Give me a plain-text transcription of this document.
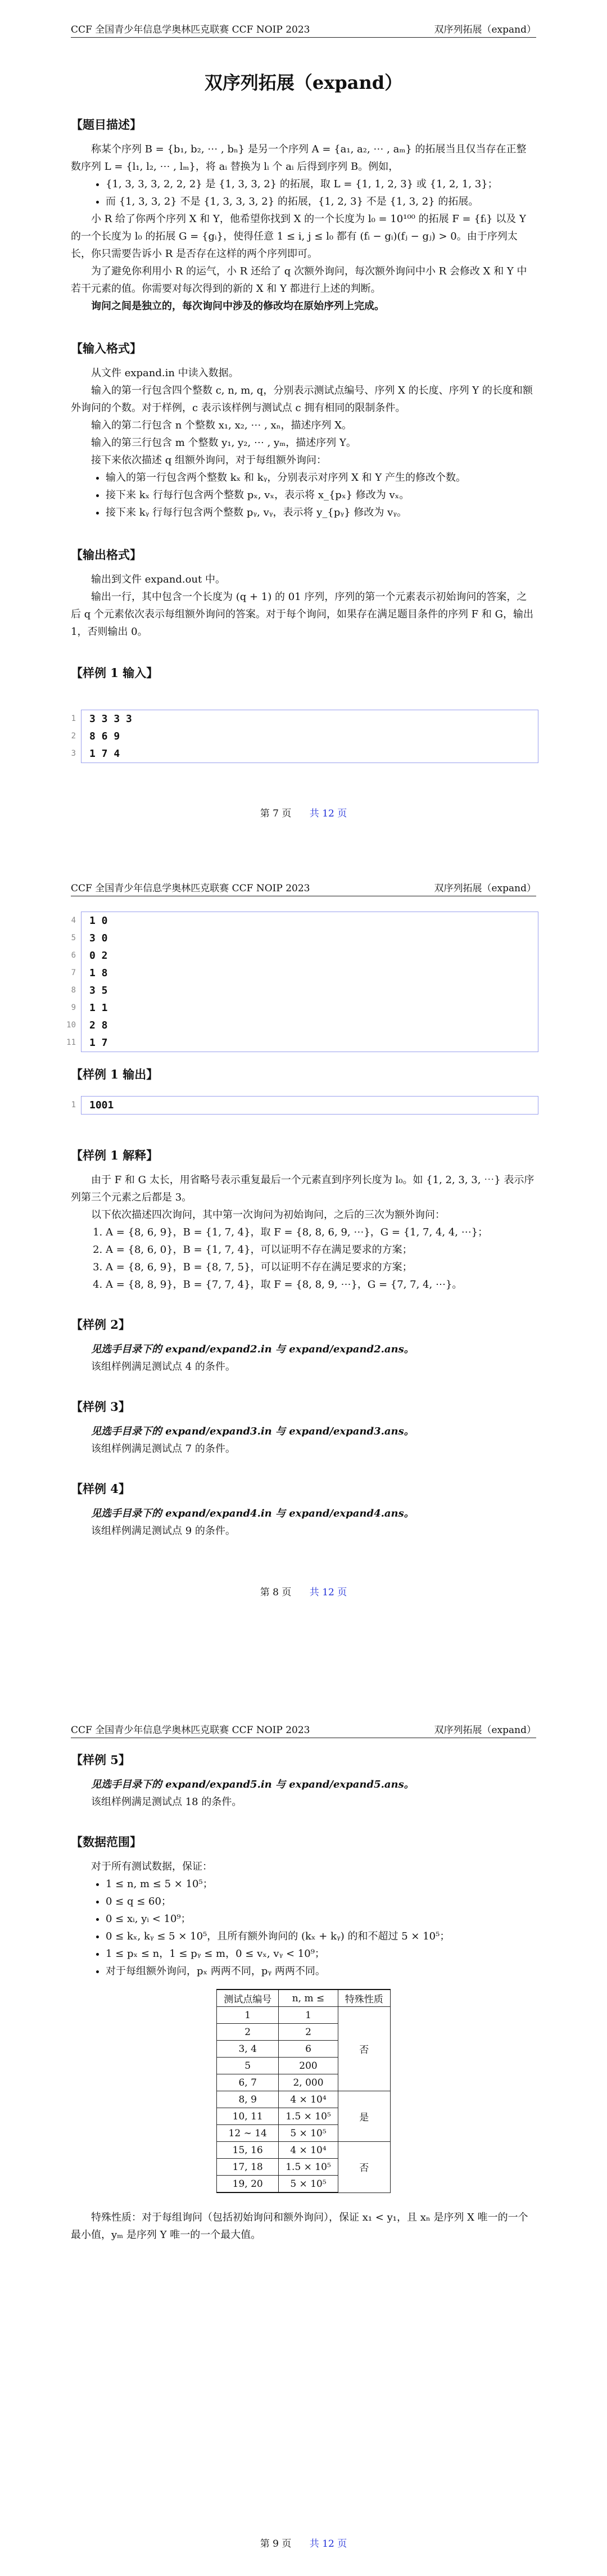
CCF 全国青少年信息学奥林匹克联赛 CCF NOIP 2023	双序列拓展（expand）
双序列拓展（expand）
【题目描述】

称某个序列 B = {b₁, b₂, ⋯ , bₙ} 是另一个序列 A = {a₁, a₂, ⋯ , aₘ} 的拓展当且仅当存在正整数序列 L = {l₁, l₂, ⋯ , lₘ}，将 aᵢ 替换为 lᵢ 个 aᵢ 后得到序列 B。例如，

• {1, 3, 3, 3, 2, 2, 2} 是 {1, 3, 3, 2} 的拓展，取 L = {1, 1, 2, 3} 或 {1, 2, 1, 3}；
• 而 {1, 3, 3, 2} 不是 {1, 3, 3, 3, 2} 的拓展，{1, 2, 3} 不是 {1, 3, 2} 的拓展。

小 R 给了你两个序列 X 和 Y，他希望你找到 X 的一个长度为 l₀ = 10¹⁰⁰ 的拓展 F = {fᵢ} 以及 Y 的一个长度为 l₀ 的拓展 G = {gᵢ}，使得任意 1 ≤ i, j ≤ l₀ 都有 (fᵢ − gᵢ)(fⱼ − gⱼ) > 0。由于序列太长，你只需要告诉小 R 是否存在这样的两个序列即可。

为了避免你利用小 R 的运气，小 R 还给了 q 次额外询问，每次额外询问中小 R 会修改 X 和 Y 中若干元素的值。你需要对每次得到的新的 X 和 Y 都进行上述的判断。

询问之间是独立的，每次询问中涉及的修改均在原始序列上完成。

【输入格式】

从文件 expand.in 中读入数据。

输入的第一行包含四个整数 c, n, m, q，分别表示测试点编号、序列 X 的长度、序列 Y 的长度和额外询问的个数。对于样例，c 表示该样例与测试点 c 拥有相同的限制条件。

输入的第二行包含 n 个整数 x₁, x₂, ⋯ , xₙ，描述序列 X。

输入的第三行包含 m 个整数 y₁, y₂, ⋯ , yₘ，描述序列 Y。

接下来依次描述 q 组额外询问，对于每组额外询问：

• 输入的第一行包含两个整数 kₓ 和 kᵧ，分别表示对序列 X 和 Y 产生的修改个数。
• 接下来 kₓ 行每行包含两个整数 pₓ, vₓ，表示将 x_{pₓ} 修改为 vₓ。
• 接下来 kᵧ 行每行包含两个整数 pᵧ, vᵧ，表示将 y_{pᵧ} 修改为 vᵧ。
【输出格式】

输出到文件 expand.out 中。

输出一行，其中包含一个长度为 (q + 1) 的 01 序列，序列的第一个元素表示初始询问的答案，之后 q 个元素依次表示每组额外询问的答案。对于每个询问，如果存在满足题目条件的序列 F 和 G，输出 1，否则输出 0。

【样例 1 输入】
1 3 3 3 3
2 8 6 9
3 1 7 4
第 7 页 共 12 页
CCF 全国青少年信息学奥林匹克联赛 CCF NOIP 2023	双序列拓展（expand）
4 1 0
5 3 0
6 0 2
7 1 8
8 3 5
9 1 1
10 2 8
11 1 7
【样例 1 输出】
1 1001
【样例 1 解释】

由于 F 和 G 太长，用省略号表示重复最后一个元素直到序列长度为 l₀。如 {1, 2, 3, 3, ⋯} 表示序列第三个元素之后都是 3。

以下依次描述四次询问，其中第一次询问为初始询问，之后的三次为额外询问：

1. A = {8, 6, 9}，B = {1, 7, 4}，取 F = {8, 8, 6, 9, ⋯}，G = {1, 7, 4, 4, ⋯}；
2. A = {8, 6, 0}，B = {1, 7, 4}，可以证明不存在满足要求的方案；
3. A = {8, 6, 9}，B = {8, 7, 5}，可以证明不存在满足要求的方案；
4. A = {8, 8, 9}，B = {7, 7, 4}，取 F = {8, 8, 9, ⋯}，G = {7, 7, 4, ⋯}。
【样例 2】

见选手目录下的 expand/expand2.in 与 expand/expand2.ans。

该组样例满足测试点 4 的条件。

【样例 3】

见选手目录下的 expand/expand3.in 与 expand/expand3.ans。

该组样例满足测试点 7 的条件。

【样例 4】

见选手目录下的 expand/expand4.in 与 expand/expand4.ans。

该组样例满足测试点 9 的条件。

第 8 页 共 12 页
CCF 全国青少年信息学奥林匹克联赛 CCF NOIP 2023	双序列拓展（expand）
【样例 5】

见选手目录下的 expand/expand5.in 与 expand/expand5.ans。

该组样例满足测试点 18 的条件。

【数据范围】

对于所有测试数据，保证：

• 1 ≤ n, m ≤ 5 × 10⁵；
• 0 ≤ q ≤ 60；
• 0 ≤ xᵢ, yᵢ < 10⁹；
• 0 ≤ kₓ, kᵧ ≤ 5 × 10⁵，且所有额外询问的 (kₓ + kᵧ) 的和不超过 5 × 10⁵；
• 1 ≤ pₓ ≤ n，1 ≤ pᵧ ≤ m，0 ≤ vₓ, vᵧ < 10⁹；
• 对于每组额外询问，pₓ 两两不同，pᵧ 两两不同。
测试点编号	n, m ≤	特殊性质
1	1	否
2	2	
3, 4	6	
5	200	
6, 7	2, 000	
8, 9	4 × 10⁴	是
10, 11	1.5 × 10⁵	
12 ∼ 14	5 × 10⁵	
15, 16	4 × 10⁴	否
17, 18	1.5 × 10⁵	
19, 20	5 × 10⁵	

特殊性质：对于每组询问（包括初始询问和额外询问），保证 x₁ < y₁，且 xₙ 是序列 X 唯一的一个最小值，yₘ 是序列 Y 唯一的一个最大值。

第 9 页 共 12 页
